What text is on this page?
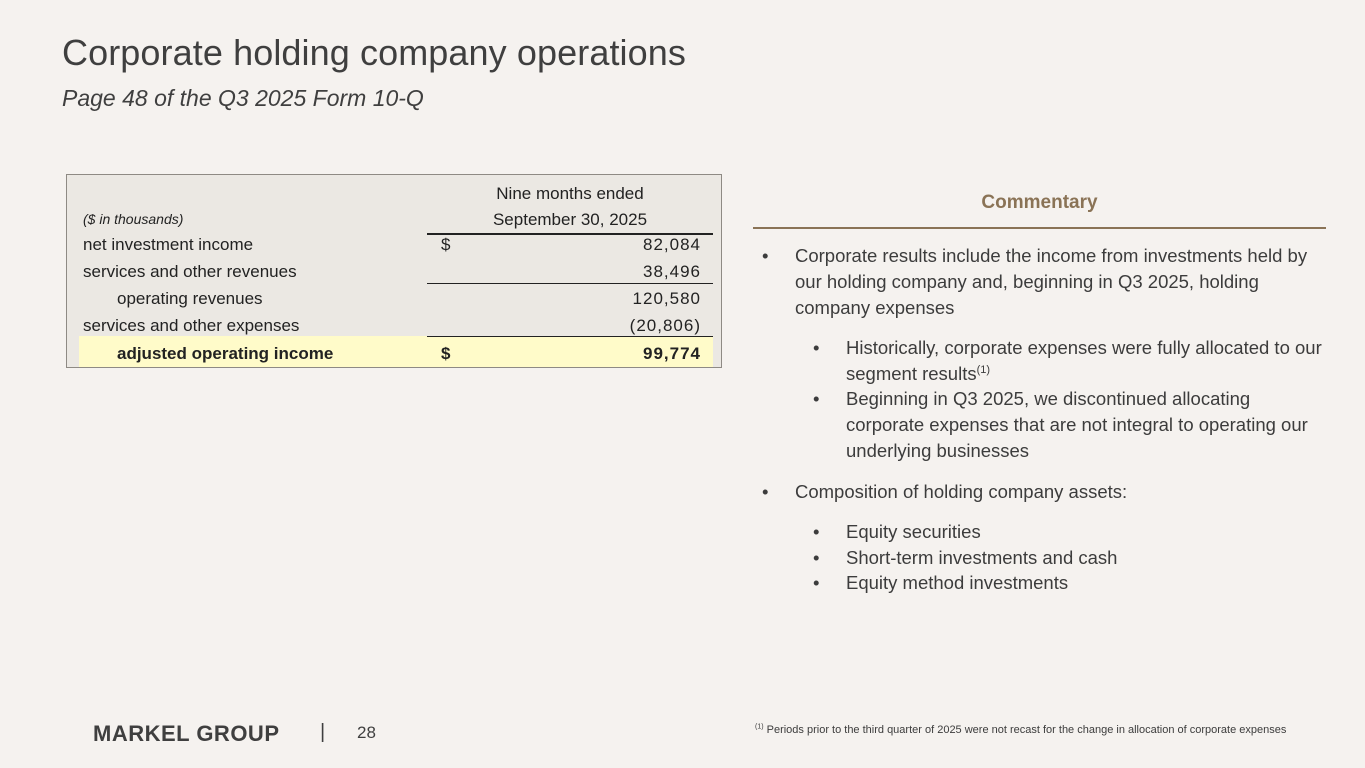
Corporate holding company operations
Page 48 of the Q3 2025 Form 10-Q
($ in thousands)
Nine months ended
September 30, 2025
net investment income	$	82,084
services and other revenues	38,496
operating revenues	120,580
services and other expenses	(20,806)
adjusted operating income	$	99,774
Commentary
• Corporate results include the income from investments held by our holding company and, beginning in Q3 2025, holding company expenses
• Historically, corporate expenses were fully allocated to our segment results$^{(1)}$
• Beginning in Q3 2025, we discontinued allocating corporate expenses that are not integral to operating our underlying businesses
• Composition of holding company assets:
• Equity securities
• Short-term investments and cash
• Equity method investments
MARKEL GROUP | 28	$^{(1)}$ Periods prior to the third quarter of 2025 were not recast for the change in allocation of corporate expenses
